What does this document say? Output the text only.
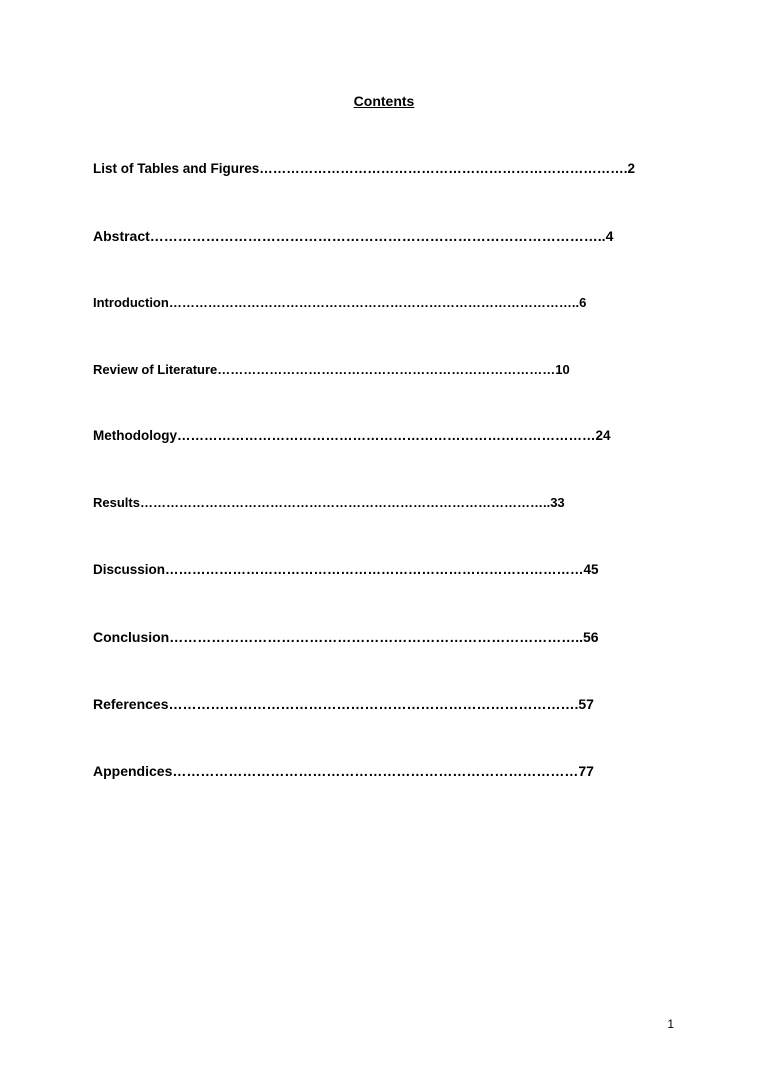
Contents
List of Tables and Figures……………………………………………………………………….2
Abstract……………………………………………………………………………………..4
Introduction…………………………………………………………………………………..6
Review of Literature……………………………………………………………………10
Methodology…………………………………………………………………………………24
Results…………………………………………………………………………………..33
Discussion…………………………………………………………………………………45
Conclusion……………………………………………………………………………..56
References…………………………………………………………………………….57
Appendices……………………………………………………………………………77
1
